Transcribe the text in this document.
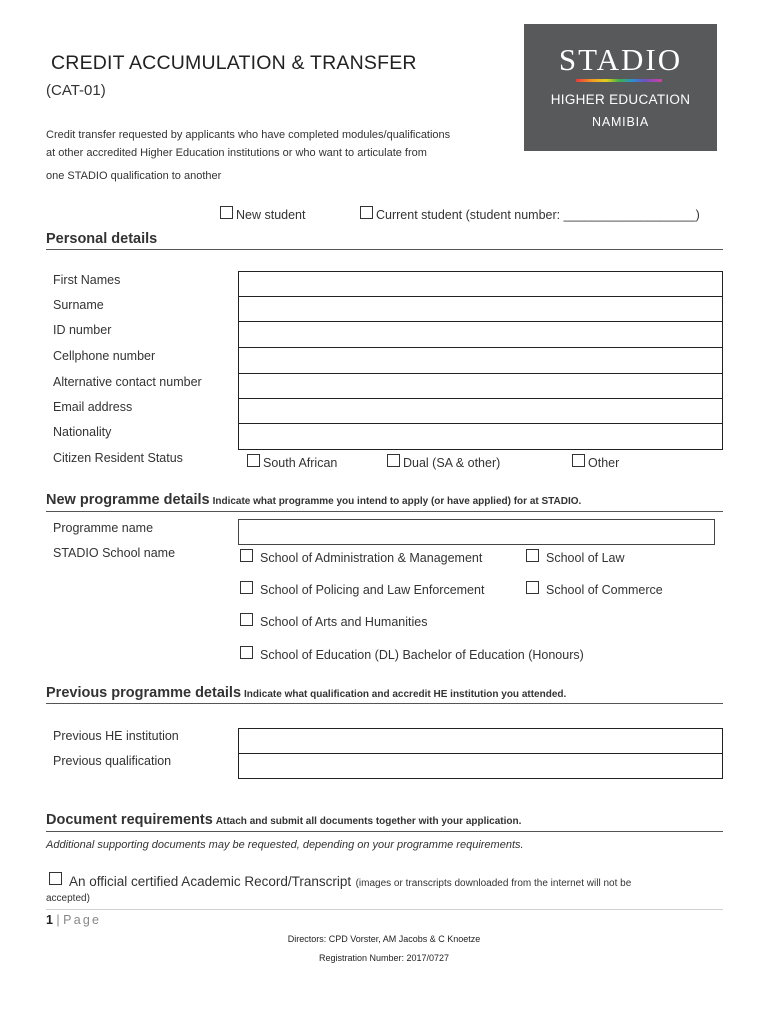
CREDIT ACCUMULATION & TRANSFER
(CAT-01)
Credit transfer requested by applicants who have completed modules/qualifications
at other accredited Higher Education institutions or who want to articulate from
one STADIO qualification to another
STADIO
HIGHER EDUCATION
NAMIBIA
New student	Current student (student number: ___________________)
Personal details
First Names
Surname
ID number
Cellphone number
Alternative contact number
Email address
Nationality
Citizen Resident Status	South African	Dual (SA & other)	Other
New programme details Indicate what programme you intend to apply (or have applied) for at STADIO.
Programme name
STADIO School name	School of Administration & Management	School of Law
School of Policing and Law Enforcement	School of Commerce
School of Arts and Humanities
School of Education (DL) Bachelor of Education (Honours)
Previous programme details Indicate what qualification and accredit HE institution you attended.
Previous HE institution
Previous qualification
Document requirements Attach and submit all documents together with your application.
Additional supporting documents may be requested, depending on your programme requirements.
An official certified Academic Record/Transcript (images or transcripts downloaded from the internet will not be
accepted)
1 | Page
Directors: CPD Vorster, AM Jacobs & C Knoetze
Registration Number: 2017/0727
